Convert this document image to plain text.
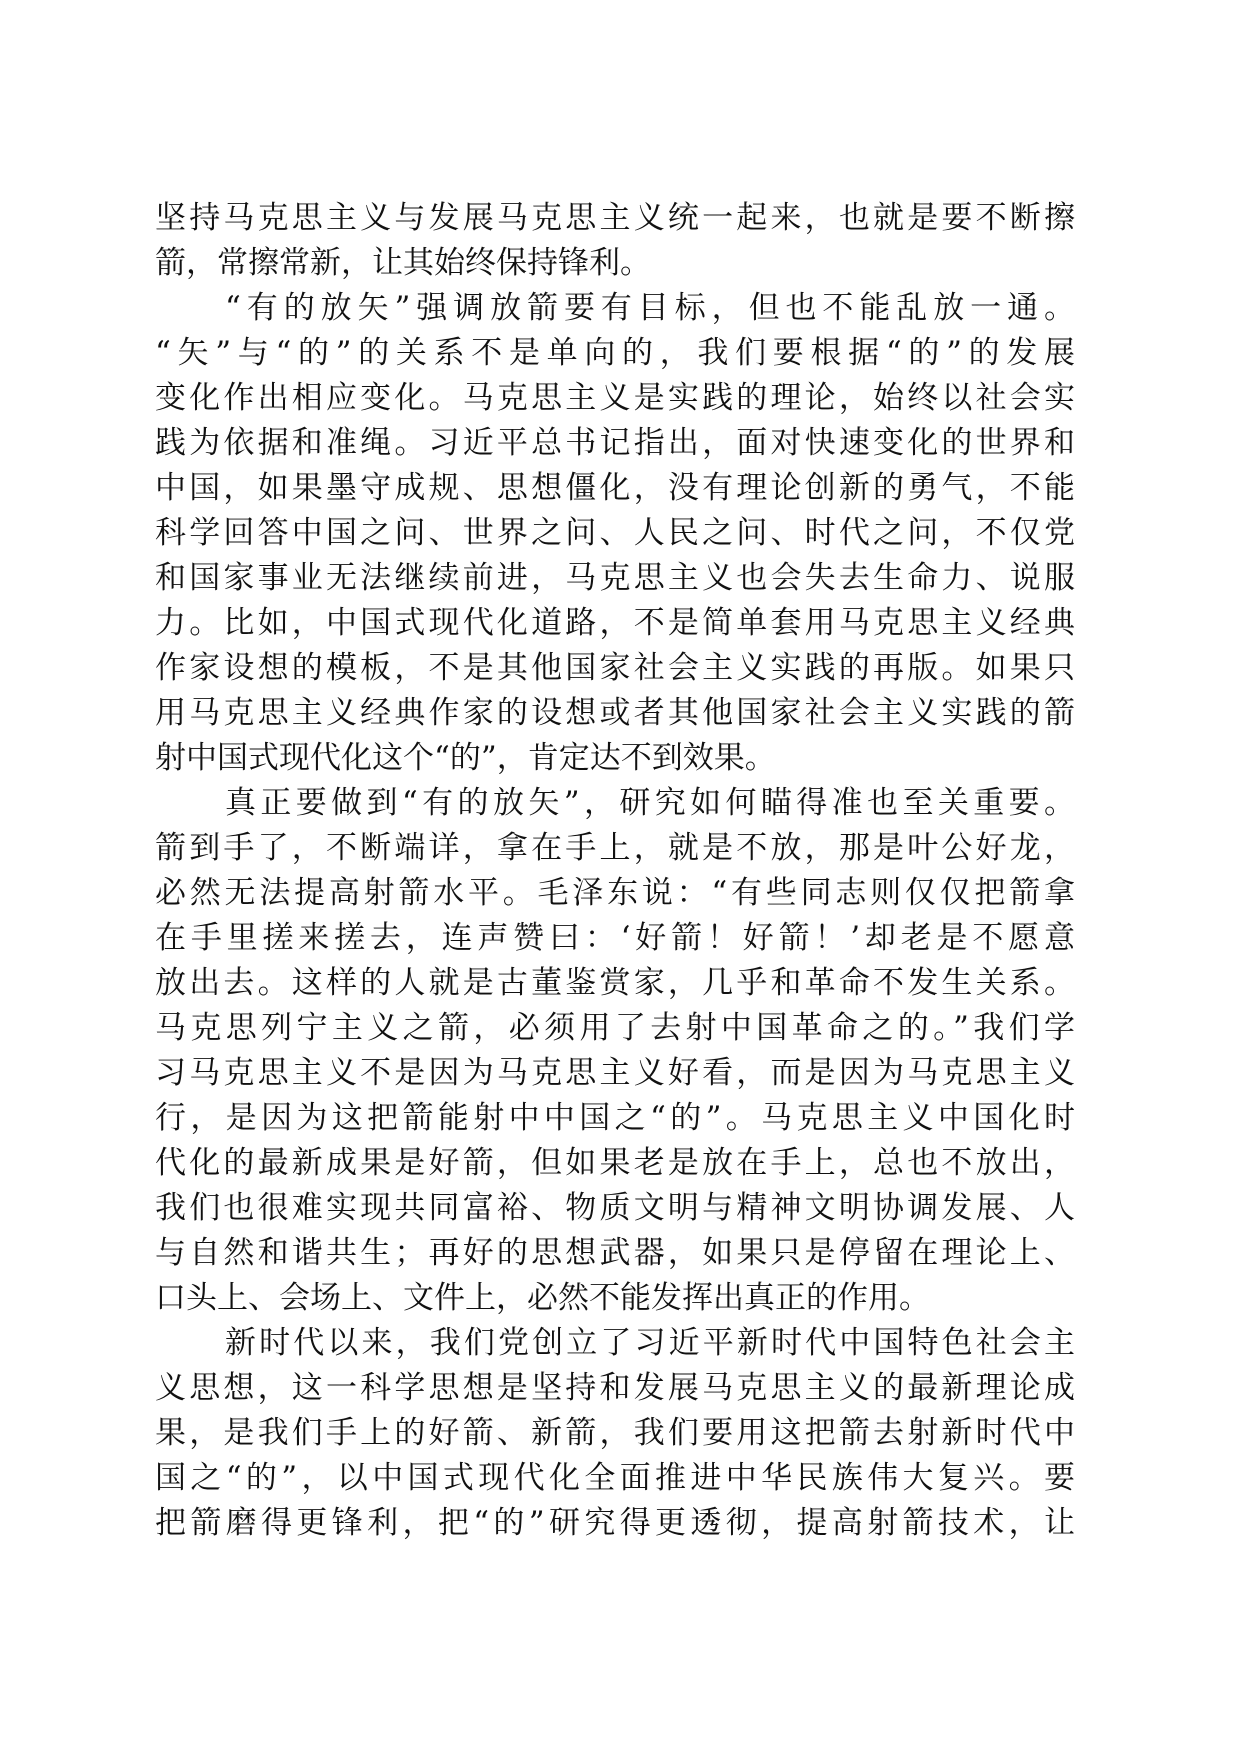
坚持马克思主义与发展马克思主义统一起来，也就是要不断擦
箭，常擦常新，让其始终保持锋利。
“有的放矢”强调放箭要有目标，但也不能乱放一通。
“矢”与“的”的关系不是单向的，我们要根据“的”的发展
变化作出相应变化。马克思主义是实践的理论，始终以社会实
践为依据和准绳。习近平总书记指出，面对快速变化的世界和
中国，如果墨守成规、思想僵化，没有理论创新的勇气，不能
科学回答中国之问、世界之问、人民之问、时代之问，不仅党
和国家事业无法继续前进，马克思主义也会失去生命力、说服
力。比如，中国式现代化道路，不是简单套用马克思主义经典
作家设想的模板，不是其他国家社会主义实践的再版。如果只
用马克思主义经典作家的设想或者其他国家社会主义实践的箭
射中国式现代化这个“的”，肯定达不到效果。
真正要做到“有的放矢”，研究如何瞄得准也至关重要。
箭到手了，不断端详，拿在手上，就是不放，那是叶公好龙，
必然无法提高射箭水平。毛泽东说：“有些同志则仅仅把箭拿
在手里搓来搓去，连声赞曰：‘好箭！好箭！’却老是不愿意
放出去。这样的人就是古董鉴赏家，几乎和革命不发生关系。
马克思列宁主义之箭，必须用了去射中国革命之的。”我们学
习马克思主义不是因为马克思主义好看，而是因为马克思主义
行，是因为这把箭能射中中国之“的”。马克思主义中国化时
代化的最新成果是好箭，但如果老是放在手上，总也不放出，
我们也很难实现共同富裕、物质文明与精神文明协调发展、人
与自然和谐共生；再好的思想武器，如果只是停留在理论上、
口头上、会场上、文件上，必然不能发挥出真正的作用。
新时代以来，我们党创立了习近平新时代中国特色社会主
义思想，这一科学思想是坚持和发展马克思主义的最新理论成
果，是我们手上的好箭、新箭，我们要用这把箭去射新时代中
国之“的”，以中国式现代化全面推进中华民族伟大复兴。要
把箭磨得更锋利，把“的”研究得更透彻，提高射箭技术，让
